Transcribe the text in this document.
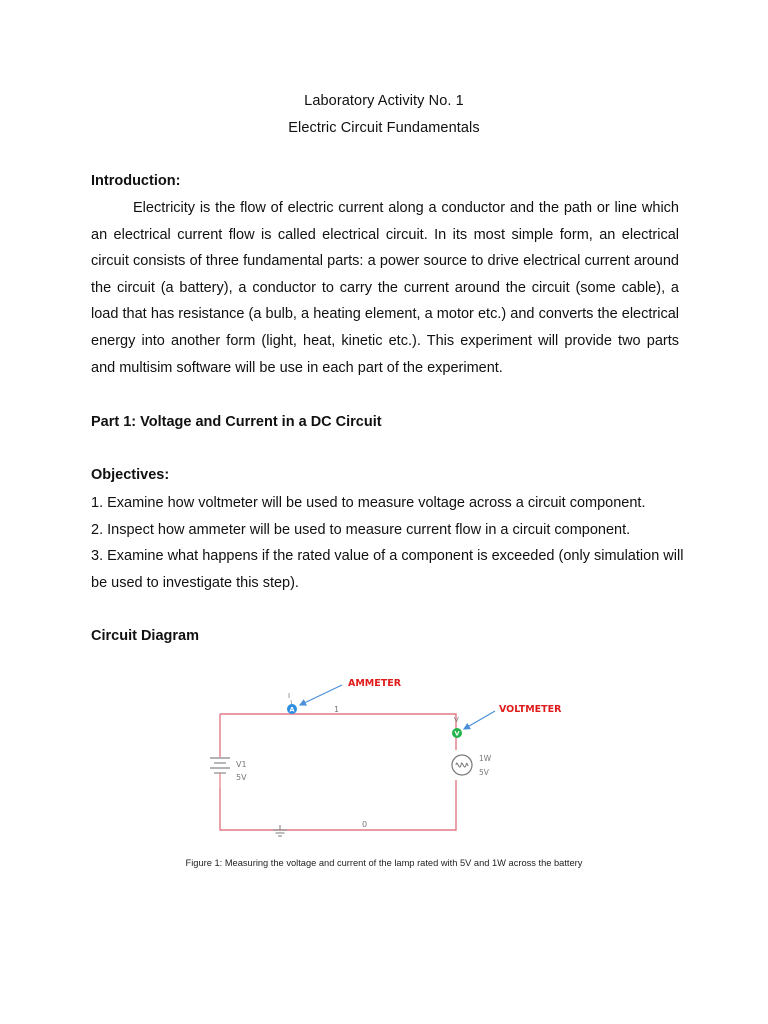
Laboratory Activity No. 1
Electric Circuit Fundamentals
Introduction:

Electricity is the flow of electric current along a conductor and the path or line which an electrical current flow is called electrical circuit. In its most simple form, an electrical circuit consists of three fundamental parts: a power source to drive electrical current around the circuit (a battery), a conductor to carry the current around the circuit (some cable), a load that has resistance (a bulb, a heating element, a motor etc.) and converts the electrical energy into another form (light, heat, kinetic etc.). This experiment will provide two parts and multisim software will be use in each part of the experiment.

Part 1: Voltage and Current in a DC Circuit
Objectives:
1. Examine how voltmeter will be used to measure voltage across a circuit component.
2. Inspect how ammeter will be used to measure current flow in a circuit component.
3. Examine what happens if the rated value of a component is exceeded (only simulation will be used to investigate this step).
Circuit Diagram
V1
5V
1
0
I
A
AMMETER
V
V
VOLTMETER
1W
5V
Figure 1: Measuring the voltage and current of the lamp rated with 5V and 1W across the battery
